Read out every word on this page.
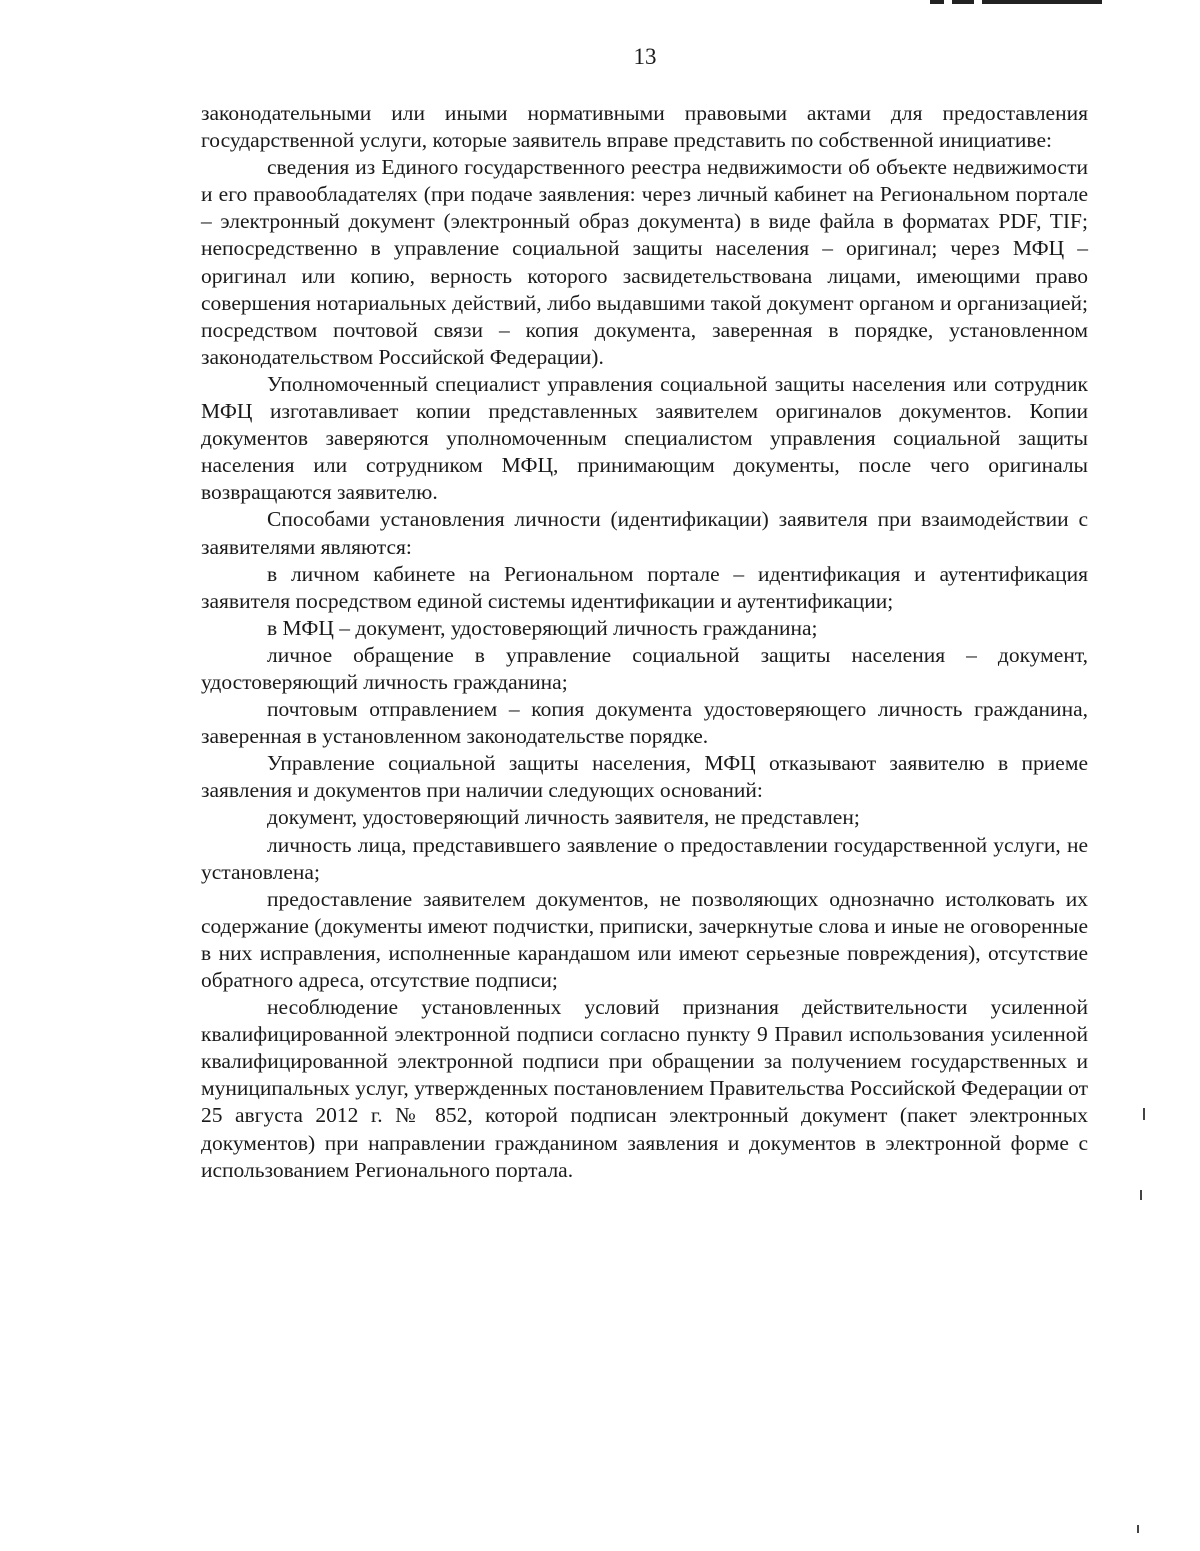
13

законодательными или иными нормативными правовыми актами для предоставления государственной услуги, которые заявитель вправе представить по собственной инициативе:

сведения из Единого государственного реестра недвижимости об объекте недвижимости и его правообладателях (при подаче заявления: через личный кабинет на Региональном портале – электронный документ (электронный образ документа) в виде файла в форматах PDF, TIF; непосредственно в управление социальной защиты населения – оригинал; через МФЦ – оригинал или копию, верность которого засвидетельствована лицами, имеющими право совершения нотариальных действий, либо выдавшими такой документ органом и организацией; посредством почтовой связи – копия документа, заверенная в порядке, установленном законодательством Российской Федерации).

Уполномоченный специалист управления социальной защиты населения или сотрудник МФЦ изготавливает копии представленных заявителем оригиналов документов. Копии документов заверяются уполномоченным специалистом управления социальной защиты населения или сотрудником МФЦ, принимающим документы, после чего оригиналы возвращаются заявителю.

Способами установления личности (идентификации) заявителя при взаимодействии с заявителями являются:

в личном кабинете на Региональном портале – идентификация и аутентификация заявителя посредством единой системы идентификации и аутентификации;

в МФЦ – документ, удостоверяющий личность гражданина;

личное обращение в управление социальной защиты населения – документ, удостоверяющий личность гражданина;

почтовым отправлением – копия документа удостоверяющего личность гражданина, заверенная в установленном законодательстве порядке.

Управление социальной защиты населения, МФЦ отказывают заявителю в приеме заявления и документов при наличии следующих оснований:

документ, удостоверяющий личность заявителя, не представлен;

личность лица, представившего заявление о предоставлении государственной услуги, не установлена;

предоставление заявителем документов, не позволяющих однозначно истолковать их содержание (документы имеют подчистки, приписки, зачеркнутые слова и иные не оговоренные в них исправления, исполненные карандашом или имеют серьезные повреждения), отсутствие обратного адреса, отсутствие подписи;

несоблюдение установленных условий признания действительности усиленной квалифицированной электронной подписи согласно пункту 9 Правил использования усиленной квалифицированной электронной подписи при обращении за получением государственных и муниципальных услуг, утвержденных постановлением Правительства Российской Федерации от 25 августа 2012 г. № 852, которой подписан электронный документ (пакет электронных документов) при направлении гражданином заявления и документов в электронной форме с использованием Регионального портала.
